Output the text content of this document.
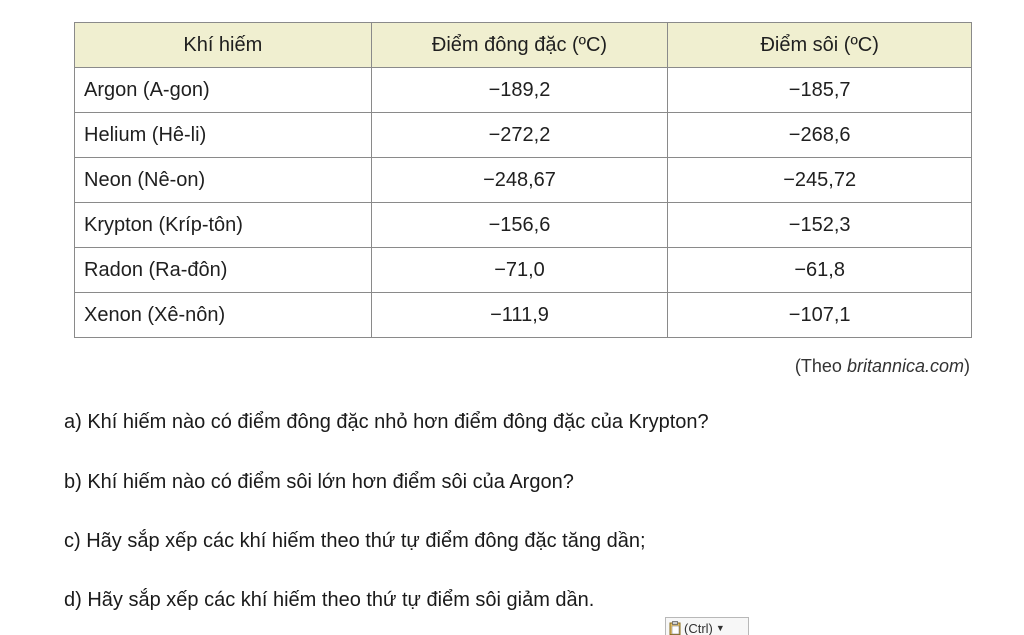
Khí hiếm	Điểm đông đặc (ºC)	Điểm sôi (ºC)
Argon (A-gon)	−189,2	−185,7
Helium (Hê-li)	−272,2	−268,6
Neon (Nê-on)	−248,67	−245,72
Krypton (Kríp-tôn)	−156,6	−152,3
Radon (Ra-đôn)	−71,0	−61,8
Xenon (Xê-nôn)	−111,9	−107,1
(Theo britannica.com)
a) Khí hiếm nào có điểm đông đặc nhỏ hơn điểm đông đặc của Krypton?
b) Khí hiếm nào có điểm sôi lớn hơn điểm sôi của Argon?
c) Hãy sắp xếp các khí hiếm theo thứ tự điểm đông đặc tăng dần;
d) Hãy sắp xếp các khí hiếm theo thứ tự điểm sôi giảm dần.
(Ctrl) ▼
